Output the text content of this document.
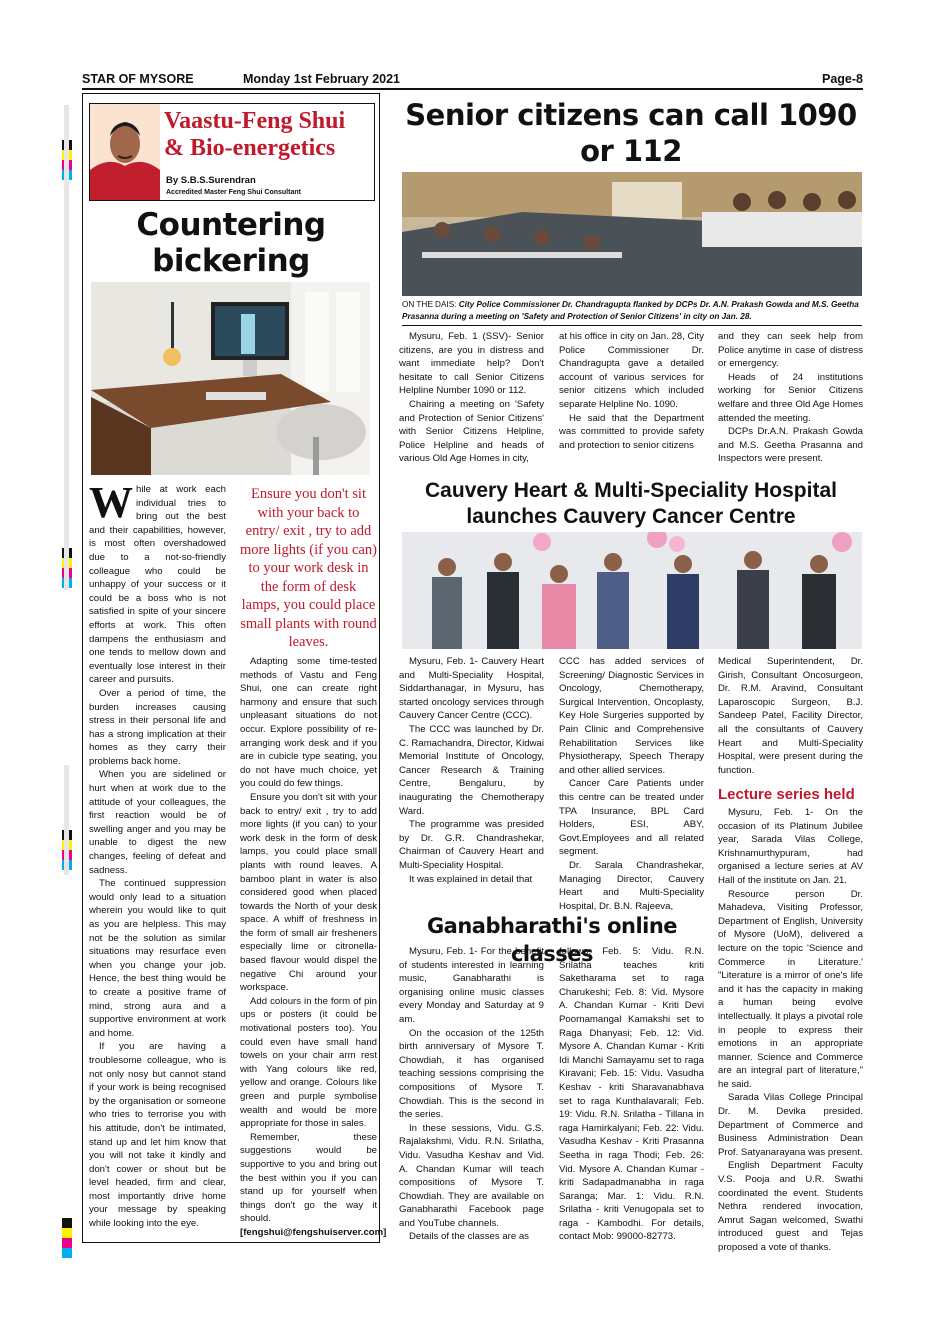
STAR OF MYSORE	Monday 1st February 2021	Page-8
Vaastu-Feng Shui
& Bio-energetics
By S.B.S.Surendran
Accredited Master Feng Shui Consultant
Countering bickering

While at work each individual tries to bring out the best and their capabilities, however, is most often overshadowed due to a not-so-friendly colleague who could be unhappy of your success or it could be a boss who is not satisfied in spite of your sincere efforts at work. This often dampens the enthusiasm and one tends to mellow down and eventually lose interest in their career and pursuits.

Over a period of time, the burden increases causing stress in their personal life and has a strong implication at their homes as they carry their problems back home.

When you are sidelined or hurt when at work due to the attitude of your colleagues, the first reaction would be of swelling anger and you may be unable to digest the new changes, feeling of defeat and sadness.

The continued suppression would only lead to a situation wherein you would like to quit as you are helpless. This may not be the solution as similar situations may resurface even when you change your job. Hence, the best thing would be to create a positive frame of mind, strong aura and a supportive environment at work and home.

If you are having a troublesome colleague, who is not only nosy but cannot stand if your work is being recognised by the organisation or someone who tries to terrorise you with his attitude, don't be intimated, stand up and let him know that you will not take it kindly and don't cower or shout but be level headed, firm and clear, most importantly drive home your message by speaking while looking into the eye.

Ensure you don't sit with your back to entry/ exit , try to add more lights (if you can) to your work desk in the form of desk lamps, you could place small plants with round leaves.

Adapting some time-tested methods of Vastu and Feng Shui, one can create right harmony and ensure that such unpleasant situations do not occur. Explore possibility of re-arranging work desk and if you are in cubicle type seating, you do not have much choice, yet you could do few things.

Ensure you don't sit with your back to entry/ exit , try to add more lights (if you can) to your work desk in the form of desk lamps, you could place small plants with round leaves. A bamboo plant in water is also considered good when placed towards the North of your desk space. A whiff of freshness in the form of small air fresheners especially lime or citronella-based flavour would dispel the negative Chi around your workspace.

Add colours in the form of pin ups or posters (it could be motivational posters too). You could even have small hand towels on your chair arm rest with Yang colours like red, yellow and orange. Colours like green and purple symbolise wealth and would be more appropriate for those in sales.

Remember, these suggestions would be supportive to you and bring out the best within you if you can stand up for yourself when things don't go the way it should.

[fengshui@fengshuiserver.com]

Senior citizens can call 1090 or 112
ON THE DAIS: City Police Commissioner Dr. Chandragupta flanked by DCPs Dr. A.N. Prakash Gowda and M.S. Geetha Prasanna during a meeting on 'Safety and Protection of Senior Citizens' in city on Jan. 28.

Mysuru, Feb. 1 (SSV)- Senior citizens, are you in distress and want immediate help? Don't hesitate to call Senior Citizens Helpline Number 1090 or 112.

Chairing a meeting on 'Safety and Protection of Senior Citizens' with Senior Citizens Helpline, Police Helpline and heads of various Old Age Homes in city,

at his office in city on Jan. 28, City Police Commissioner Dr. Chandragupta gave a detailed account of various services for senior citizens which included separate Helpline No. 1090.

He said that the Department was committed to provide safety and protection to senior citizens

and they can seek help from Police anytime in case of distress or emergency.

Heads of 24 institutions working for Senior Citizens welfare and three Old Age Homes attended the meeting.

DCPs Dr.A.N. Prakash Gowda and M.S. Geetha Prasanna and Inspectors were present.

Cauvery Heart & Multi-Speciality Hospital
launches Cauvery Cancer Centre

Mysuru, Feb. 1- Cauvery Heart and Multi-Speciality Hospital, Siddarthanagar, in Mysuru, has started oncology services through Cauvery Cancer Centre (CCC).

The CCC was launched by Dr. C. Ramachandra, Director, Kidwai Memorial Institute of Oncology, Cancer Research & Training Centre, Bengaluru, by inaugurating the Chemotherapy Ward.

The programme was presided by Dr. G.R. Chandrashekar, Chairman of Cauvery Heart and Multi-Speciality Hospital.

It was explained in detail that

CCC has added services of Screening/ Diagnostic Services in Oncology, Chemotherapy, Surgical Intervention, Oncoplasty, Key Hole Surgeries supported by Pain Clinic and Comprehensive Rehabilitation Services like Physiotherapy, Speech Therapy and other allied services.

Cancer Care Patients under this centre can be treated under TPA Insurance, BPL Card Holders, ESI, ABY, Govt.Employees and all related segment.

Dr. Sarala Chandrashekar, Managing Director, Cauvery Heart and Multi-Speciality Hospital, Dr. B.N. Rajeeva,

Medical Superintendent, Dr. Girish, Consultant Oncosurgeon, Dr. R.M. Aravind, Consultant Laparoscopic Surgeon, B.J. Sandeep Patel, Facility Director, all the consultants of Cauvery Heart and Multi-Speciality Hospital, were present during the function.

Ganabharathi's online classes

Mysuru, Feb. 1- For the benefit of students interested in learning music, Ganabharathi is organising online music classes every Monday and Saturday at 9 am.

On the occasion of the 125th birth anniversary of Mysore T. Chowdiah, it has organised teaching sessions comprising the compositions of Mysore T. Chowdiah. This is the second in the series.

In these sessions, Vidu. G.S. Rajalakshmi, Vidu. R.N. Srilatha, Vidu. Vasudha Keshav and Vid. A. Chandan Kumar will teach compositions of Mysore T. Chowdiah. They are available on Ganabharathi Facebook page and YouTube channels.

Details of the classes are as

follows: Feb. 5: Vidu. R.N. Srilatha teaches kriti Saketharama set to raga Charukeshi; Feb. 8: Vid. Mysore A. Chandan Kumar - Kriti Devi Poornamangal Kamakshi set to Raga Dhanyasi; Feb. 12: Vid. Mysore A. Chandan Kumar - Kriti Idi Manchi Samayamu set to raga Kiravani; Feb. 15: Vidu. Vasudha Keshav - kriti Sharavanabhava set to raga Kunthalavarali; Feb. 19: Vidu. R.N. Srilatha - Tillana in raga Hamirkalyani; Feb. 22: Vidu. Vasudha Keshav - Kriti Prasanna Seetha in raga Thodi; Feb. 26: Vid. Mysore A. Chandan Kumar - kriti Sadapadmanabha in raga Saranga; Mar. 1: Vidu. R.N. Srilatha - kriti Venugopala set to raga - Kambodhi. For details, contact Mob: 99000-82773.

Lecture series held

Mysuru, Feb. 1- On the occasion of its Platinum Jubilee year, Sarada Vilas College, Krishnamurthypuram, had organised a lecture series at AV Hall of the institute on Jan. 21.

Resource person Dr. Mahadeva, Visiting Professor, Department of English, University of Mysore (UoM), delivered a lecture on the topic 'Science and Commerce in Literature.' "Literature is a mirror of one's life and it has the capacity in making a human being evolve intellectually. It plays a pivotal role in people to express their emotions in an appropriate manner. Science and Commerce are an integral part of literature," he said.

Sarada Vilas College Principal Dr. M. Devika presided. Department of Commerce and Business Administration Dean Prof. Satyanarayana was present.

English Department Faculty V.S. Pooja and U.R. Swathi coordinated the event. Students Nethra rendered invocation, Amrut Sagan welcomed, Swathi introduced guest and Tejas proposed a vote of thanks.
